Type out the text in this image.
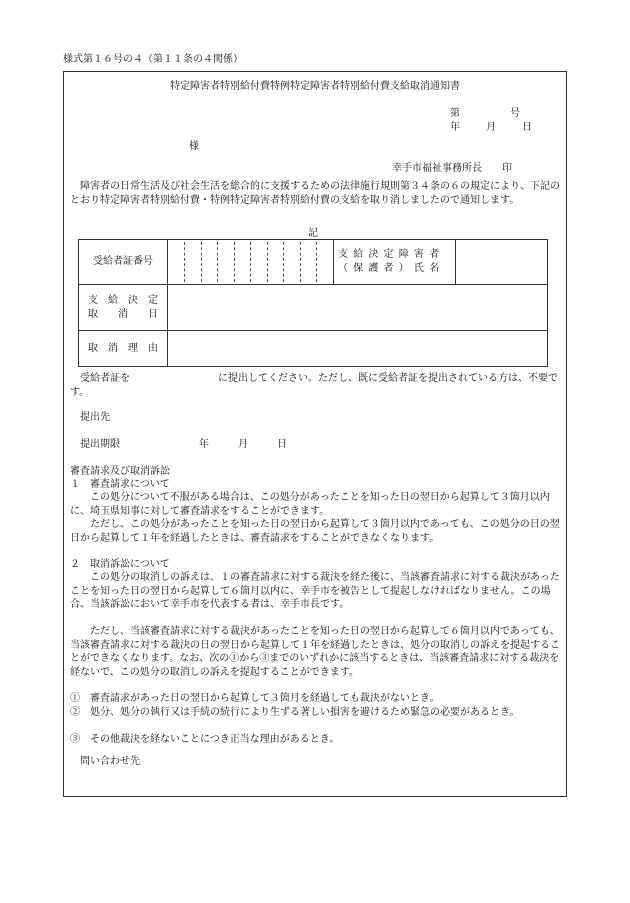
様式第１６号の４（第１１条の４関係）
特定障害者特別給付費特例特定障害者特別給付費支給取消通知書
第　　　　号
年　　月　　日
様
幸手市福祉事務所長　　印
障害者の日常生活及び社会生活を総合的に支援するための法律施行規則第３４条の６の規定により、下記のとおり特定障害者特別給付費・特例特定障害者特別給付費の支給を取り消しましたので通知します。
記
受給者証番号		支 給 決 定 障 害 者
（ 保 護 者 ） 氏 名	

支　給　決　定
取　　消　　日			

取　消　理　由			
受給者証を	に提出してください。ただし、既に受給者証を提出されている方は、不要です。
提出先
提出期限	年　　月　　日
審査請求及び取消訴訟
１　審査請求について
この処分について不服がある場合は、この処分があったことを知った日の翌日から起算して３箇月以内に、埼玉県知事に対して審査請求をすることができます。
ただし、この処分があったことを知った日の翌日から起算して３箇月以内であっても、この処分の日の翌日から起算して１年を経過したときは、審査請求をすることができなくなります。
２　取消訴訟について
この処分の取消しの訴えは、１の審査請求に対する裁決を経た後に、当該審査請求に対する裁決があったことを知った日の翌日から起算して６箇月以内に、幸手市を被告として提起しなければなりません。この場合、当該訴訟において幸手市を代表する者は、幸手市長です。
ただし、当該審査請求に対する裁決があったことを知った日の翌日から起算して６箇月以内であっても、当該審査請求に対する裁決の日の翌日から起算して１年を経過したときは、処分の取消しの訴えを提起することができなくなります。なお、次の①から③までのいずれかに該当するときは、当該審査請求に対する裁決を経ないで、この処分の取消しの訴えを提起することができます。
①　審査請求があった日の翌日から起算して３箇月を経過しても裁決がないとき。
②　処分、処分の執行又は手続の続行により生ずる著しい損害を避けるため緊急の必要があるとき。
③　その他裁決を経ないことにつき正当な理由があるとき。
問い合わせ先
